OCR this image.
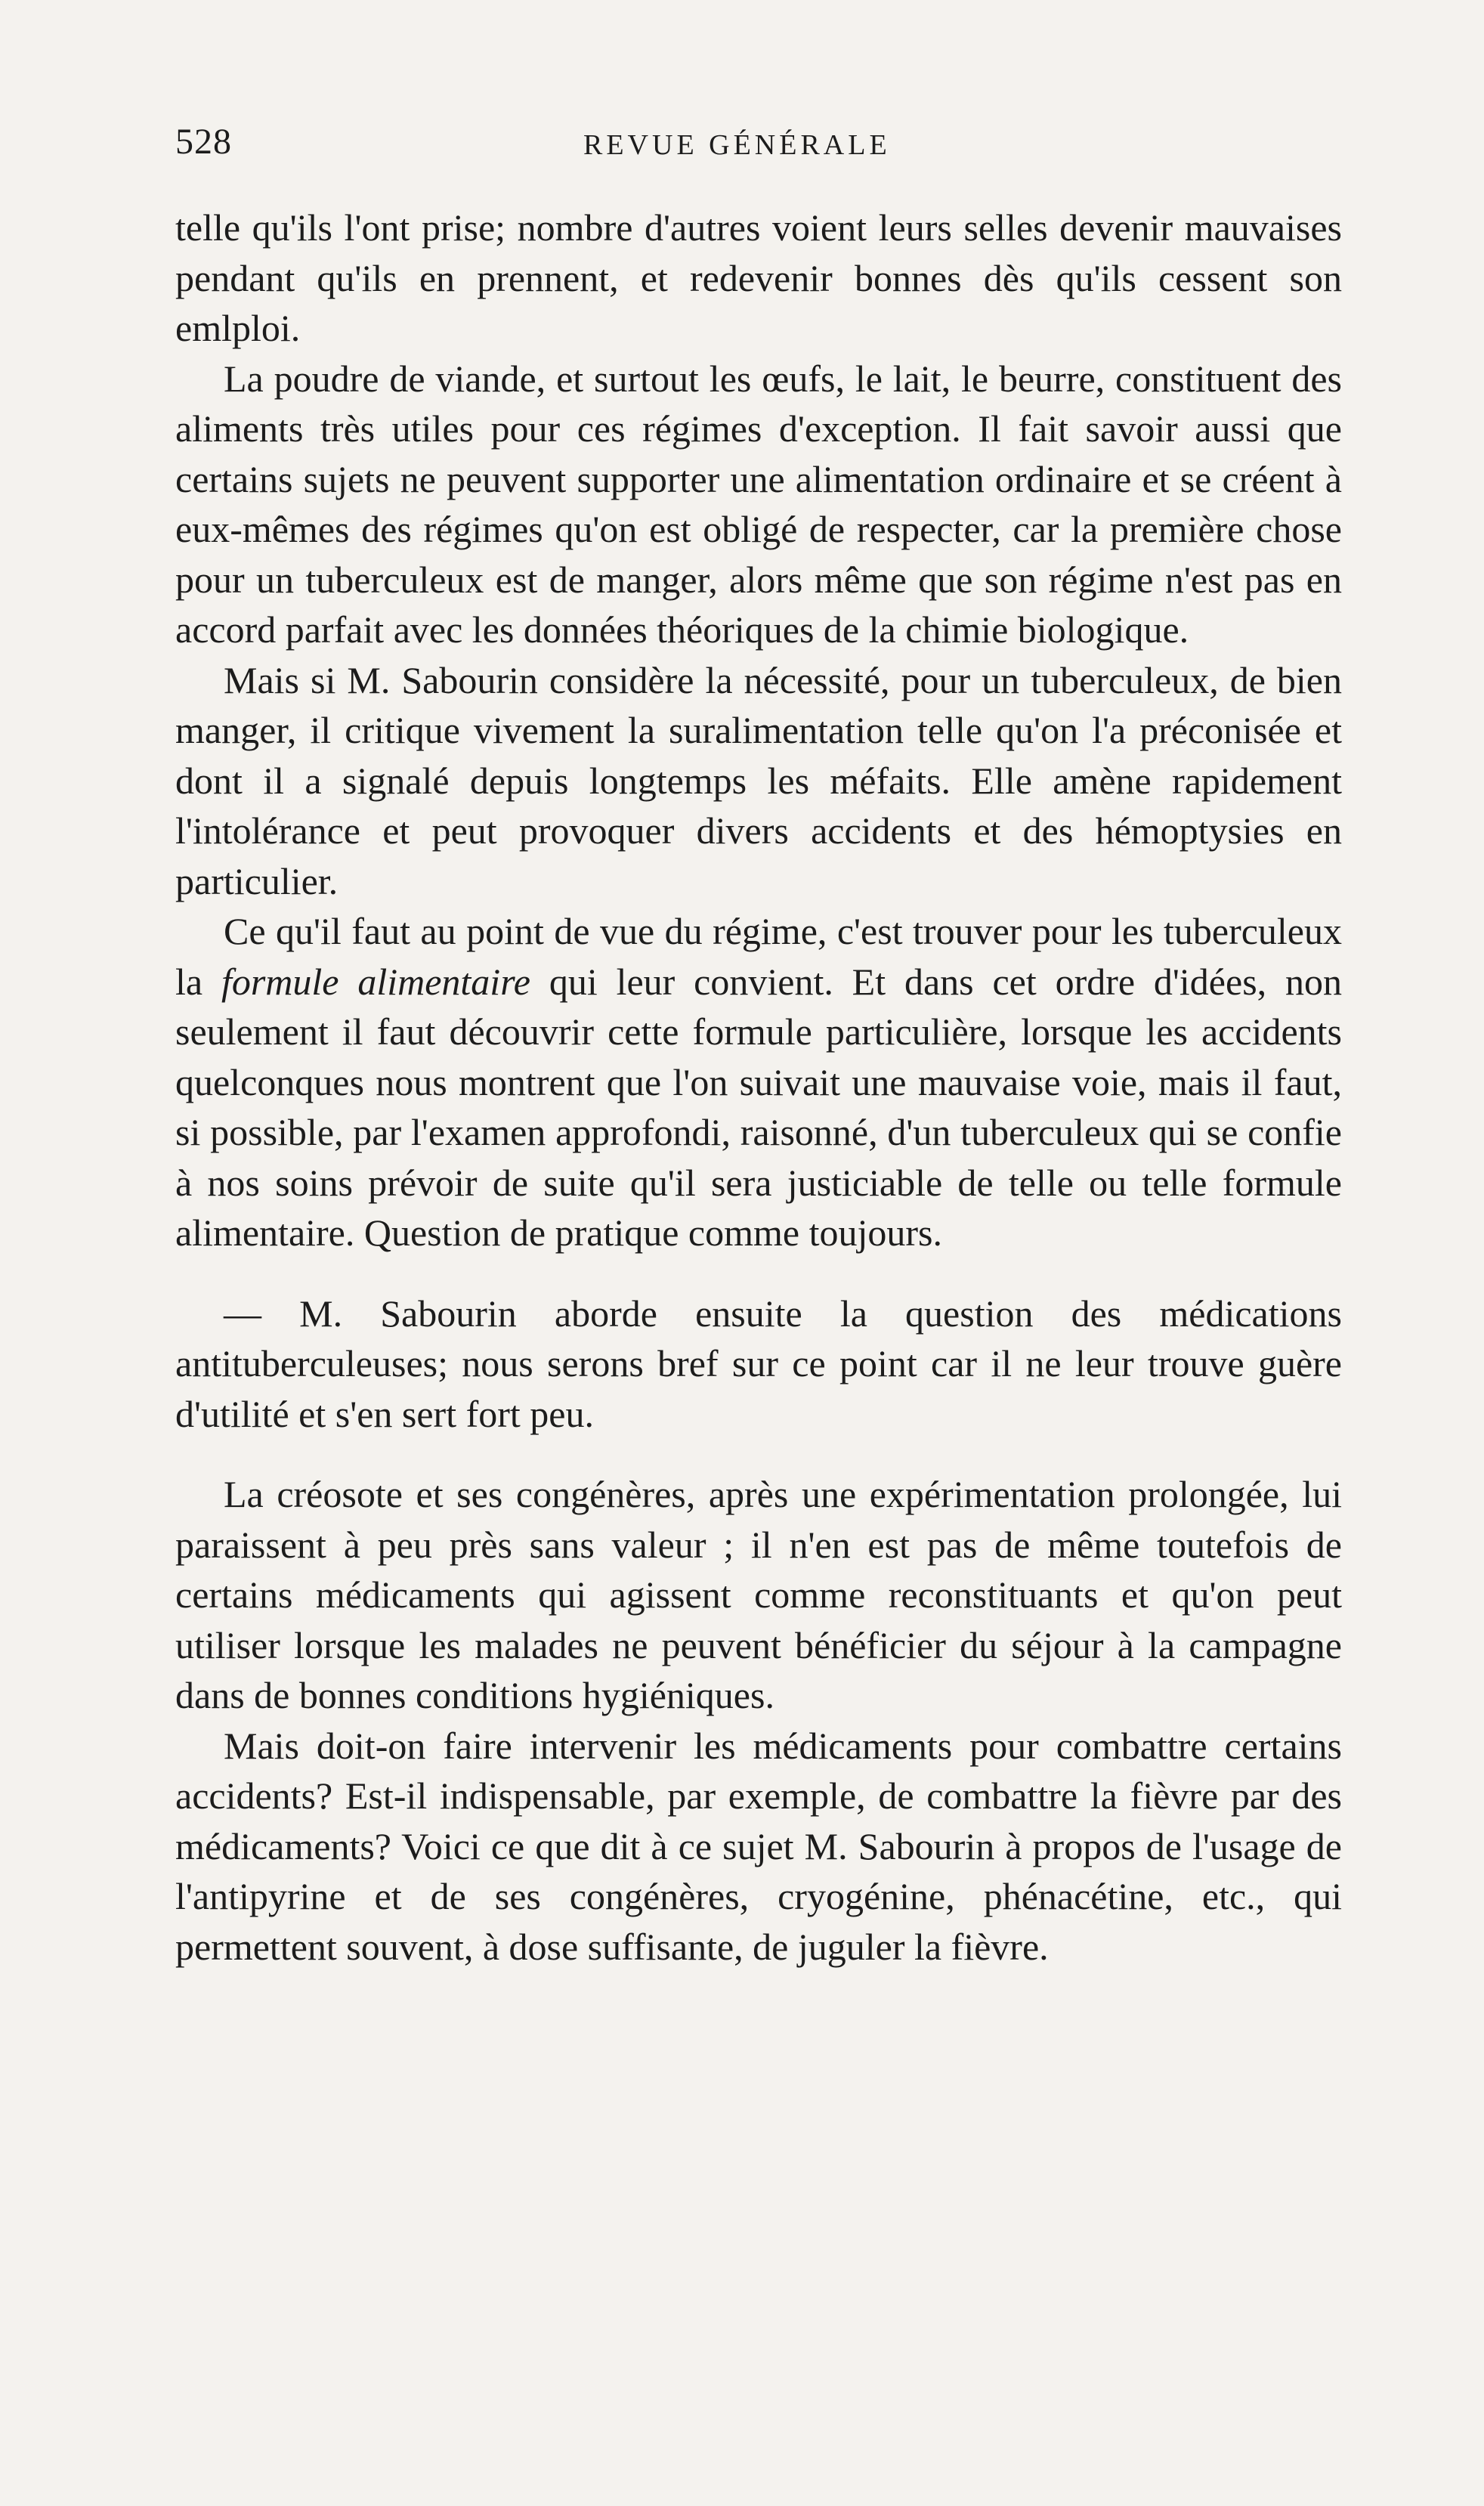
528	REVUE GÉNÉRALE

telle qu'ils l'ont prise; nombre d'autres voient leurs selles devenir mauvaises pendant qu'ils en prennent, et redevenir bonnes dès qu'ils cessent son emlploi.

La poudre de viande, et surtout les œufs, le lait, le beurre, constituent des aliments très utiles pour ces régimes d'exception. Il fait savoir aussi que certains sujets ne peuvent supporter une alimentation ordinaire et se créent à eux-mêmes des régimes qu'on est obligé de respecter, car la première chose pour un tuberculeux est de manger, alors même que son régime n'est pas en accord parfait avec les données théoriques de la chimie biologique.

Mais si M. Sabourin considère la nécessité, pour un tuberculeux, de bien manger, il critique vivement la suralimentation telle qu'on l'a préconisée et dont il a signalé depuis longtemps les méfaits. Elle amène rapidement l'intolérance et peut provoquer divers accidents et des hémoptysies en particulier.

Ce qu'il faut au point de vue du régime, c'est trouver pour les tuberculeux la formule alimentaire qui leur convient. Et dans cet ordre d'idées, non seulement il faut découvrir cette formule particulière, lorsque les accidents quelconques nous montrent que l'on suivait une mauvaise voie, mais il faut, si possible, par l'examen approfondi, raisonné, d'un tuberculeux qui se confie à nos soins prévoir de suite qu'il sera justiciable de telle ou telle formule alimentaire. Question de pratique comme toujours.

— M. Sabourin aborde ensuite la question des médications antituberculeuses; nous serons bref sur ce point car il ne leur trouve guère d'utilité et s'en sert fort peu.

La créosote et ses congénères, après une expérimentation prolongée, lui paraissent à peu près sans valeur ; il n'en est pas de même toutefois de certains médicaments qui agissent comme reconstituants et qu'on peut utiliser lorsque les malades ne peuvent bénéficier du séjour à la campagne dans de bonnes conditions hygiéniques.

Mais doit-on faire intervenir les médicaments pour combattre certains accidents? Est-il indispensable, par exemple, de combattre la fièvre par des médicaments? Voici ce que dit à ce sujet M. Sabourin à propos de l'usage de l'antipyrine et de ses congénères, cryogénine, phénacétine, etc., qui permettent souvent, à dose suffisante, de juguler la fièvre.
